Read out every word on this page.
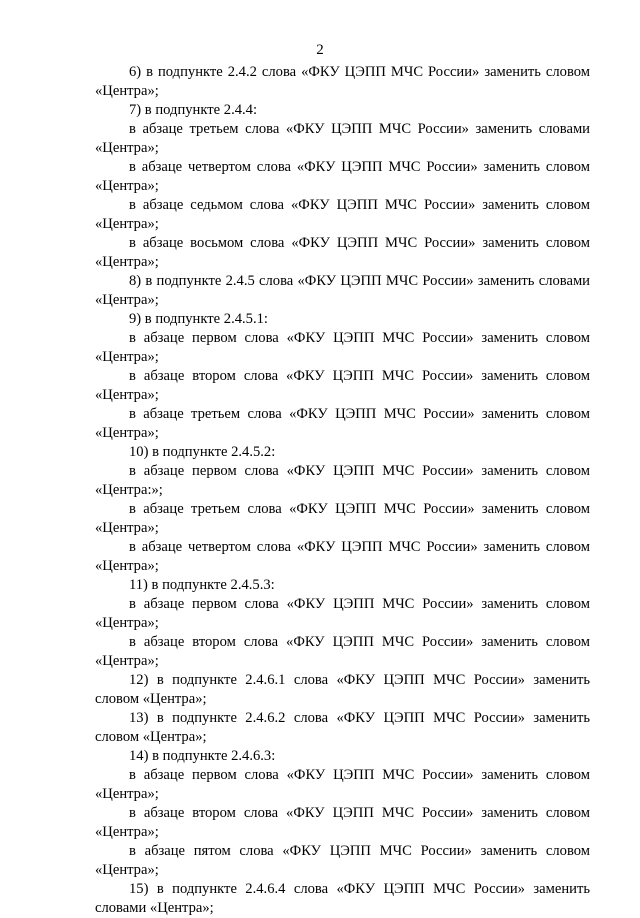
2

6) в подпункте 2.4.2 слова «ФКУ ЦЭПП МЧС России» заменить словом «Центра»;

7) в подпункте 2.4.4:

в абзаце третьем слова «ФКУ ЦЭПП МЧС России» заменить словами «Центра»;

в абзаце четвертом слова «ФКУ ЦЭПП МЧС России» заменить словом «Центра»;

в абзаце седьмом слова «ФКУ ЦЭПП МЧС России» заменить словом «Центра»;

в абзаце восьмом слова «ФКУ ЦЭПП МЧС России» заменить словом «Центра»;

8) в подпункте 2.4.5 слова «ФКУ ЦЭПП МЧС России» заменить словами «Центра»;

9) в подпункте 2.4.5.1:

в абзаце первом слова «ФКУ ЦЭПП МЧС России» заменить словом «Центра»;

в абзаце втором слова «ФКУ ЦЭПП МЧС России» заменить словом «Центра»;

в абзаце третьем слова «ФКУ ЦЭПП МЧС России» заменить словом «Центра»;

10) в подпункте 2.4.5.2:

в абзаце первом слова «ФКУ ЦЭПП МЧС России» заменить словом «Центра:»;

в абзаце третьем слова «ФКУ ЦЭПП МЧС России» заменить словом «Центра»;

в абзаце четвертом слова «ФКУ ЦЭПП МЧС России» заменить словом «Центра»;

11) в подпункте 2.4.5.3:

в абзаце первом слова «ФКУ ЦЭПП МЧС России» заменить словом «Центра»;

в абзаце втором слова «ФКУ ЦЭПП МЧС России» заменить словом «Центра»;

12) в подпункте 2.4.6.1 слова «ФКУ ЦЭПП МЧС России» заменить словом «Центра»;

13) в подпункте 2.4.6.2 слова «ФКУ ЦЭПП МЧС России» заменить словом «Центра»;

14) в подпункте 2.4.6.3:

в абзаце первом слова «ФКУ ЦЭПП МЧС России» заменить словом «Центра»;

в абзаце втором слова «ФКУ ЦЭПП МЧС России» заменить словом «Центра»;

в абзаце пятом слова «ФКУ ЦЭПП МЧС России» заменить словом «Центра»;

15) в подпункте 2.4.6.4 слова «ФКУ ЦЭПП МЧС России» заменить словами «Центра»;
